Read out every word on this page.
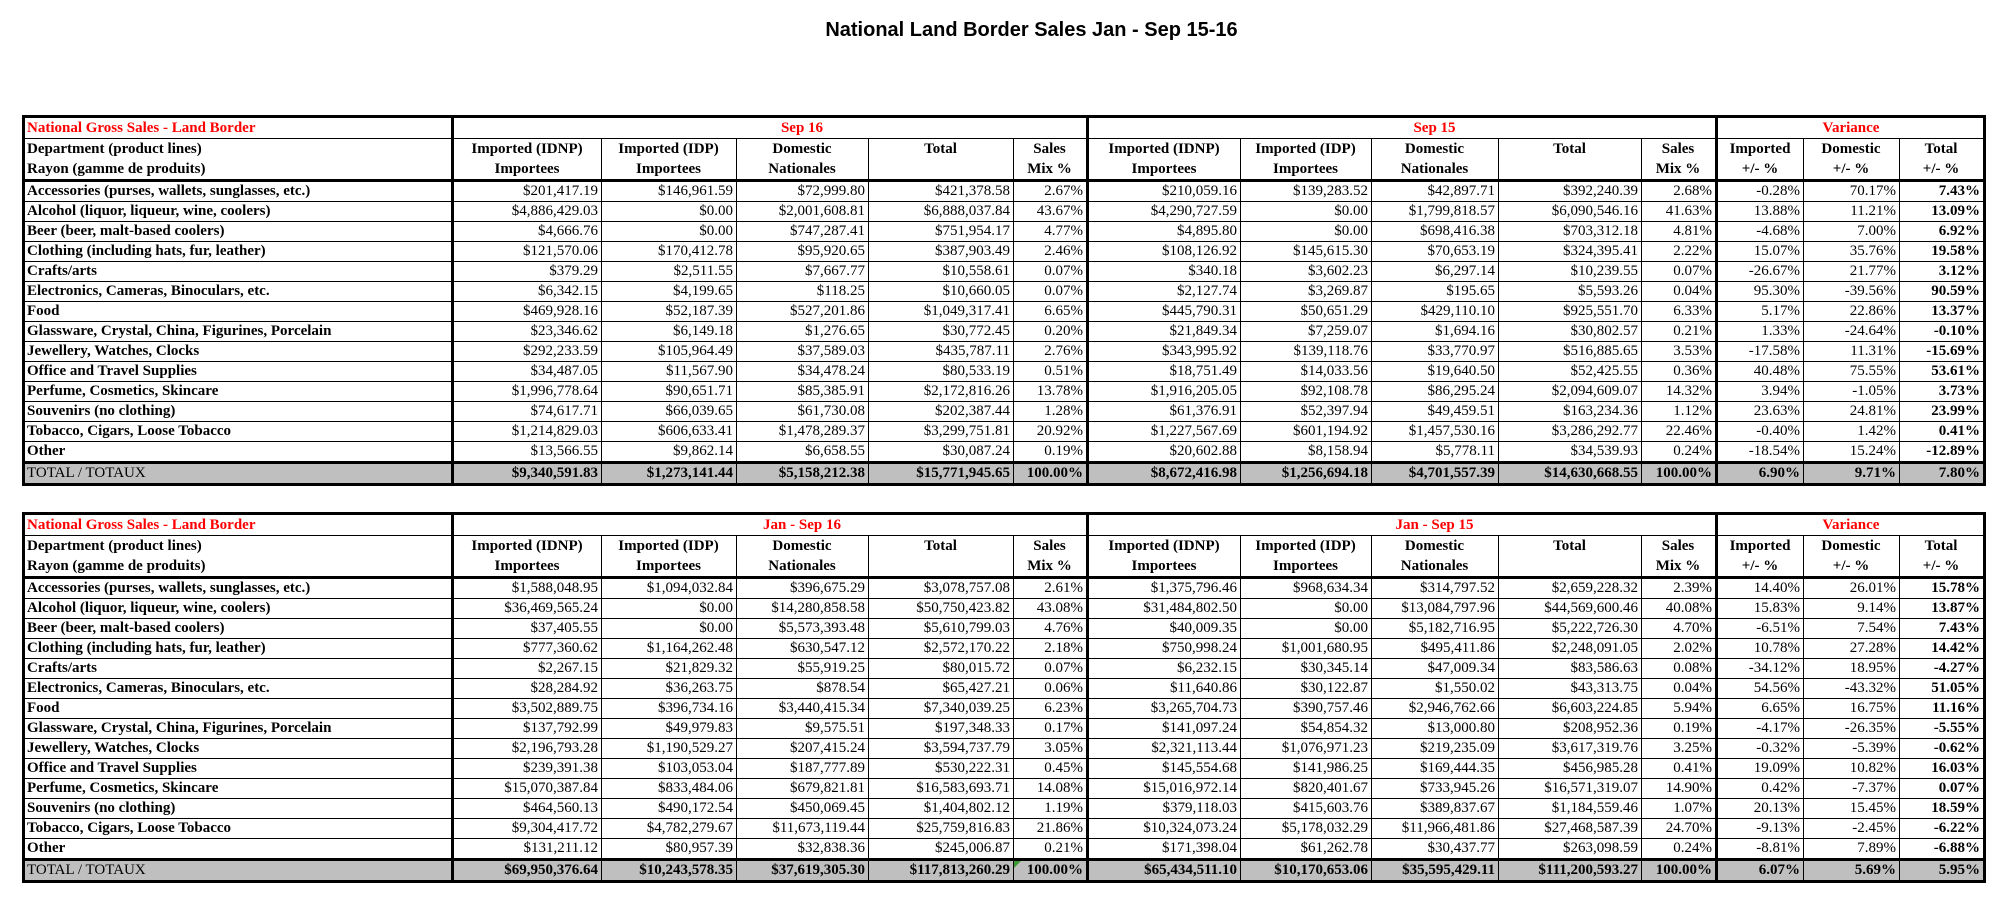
National Land Border Sales Jan - Sep 15-16
National Gross Sales - Land Border			Sep 16					Sep 15				Variance	
Department (product lines)	Imported (IDNP)	Imported (IDP)	Domestic	Total	Sales	Imported (IDNP)	Imported (IDP)	Domestic	Total	Sales	Imported	Domestic	Total
Rayon (gamme de produits)	Importees	Importees	Nationales		Mix %	Importees	Importees	Nationales		Mix %	+/- %	+/- %	+/- %
Accessories (purses, wallets, sunglasses, etc.)	$201,417.19	$146,961.59	$72,999.80	$421,378.58	2.67%	$210,059.16	$139,283.52	$42,897.71	$392,240.39	2.68%	-0.28%	70.17%	7.43%
Alcohol (liquor, liqueur, wine, coolers)	$4,886,429.03	$0.00	$2,001,608.81	$6,888,037.84	43.67%	$4,290,727.59	$0.00	$1,799,818.57	$6,090,546.16	41.63%	13.88%	11.21%	13.09%
Beer (beer, malt-based coolers)	$4,666.76	$0.00	$747,287.41	$751,954.17	4.77%	$4,895.80	$0.00	$698,416.38	$703,312.18	4.81%	-4.68%	7.00%	6.92%
Clothing (including hats, fur, leather)	$121,570.06	$170,412.78	$95,920.65	$387,903.49	2.46%	$108,126.92	$145,615.30	$70,653.19	$324,395.41	2.22%	15.07%	35.76%	19.58%
Crafts/arts	$379.29	$2,511.55	$7,667.77	$10,558.61	0.07%	$340.18	$3,602.23	$6,297.14	$10,239.55	0.07%	-26.67%	21.77%	3.12%
Electronics, Cameras, Binoculars, etc.	$6,342.15	$4,199.65	$118.25	$10,660.05	0.07%	$2,127.74	$3,269.87	$195.65	$5,593.26	0.04%	95.30%	-39.56%	90.59%
Food	$469,928.16	$52,187.39	$527,201.86	$1,049,317.41	6.65%	$445,790.31	$50,651.29	$429,110.10	$925,551.70	6.33%	5.17%	22.86%	13.37%
Glassware, Crystal, China, Figurines, Porcelain	$23,346.62	$6,149.18	$1,276.65	$30,772.45	0.20%	$21,849.34	$7,259.07	$1,694.16	$30,802.57	0.21%	1.33%	-24.64%	-0.10%
Jewellery, Watches, Clocks	$292,233.59	$105,964.49	$37,589.03	$435,787.11	2.76%	$343,995.92	$139,118.76	$33,770.97	$516,885.65	3.53%	-17.58%	11.31%	-15.69%
Office and Travel Supplies	$34,487.05	$11,567.90	$34,478.24	$80,533.19	0.51%	$18,751.49	$14,033.56	$19,640.50	$52,425.55	0.36%	40.48%	75.55%	53.61%
Perfume, Cosmetics, Skincare	$1,996,778.64	$90,651.71	$85,385.91	$2,172,816.26	13.78%	$1,916,205.05	$92,108.78	$86,295.24	$2,094,609.07	14.32%	3.94%	-1.05%	3.73%
Souvenirs (no clothing)	$74,617.71	$66,039.65	$61,730.08	$202,387.44	1.28%	$61,376.91	$52,397.94	$49,459.51	$163,234.36	1.12%	23.63%	24.81%	23.99%
Tobacco, Cigars, Loose Tobacco	$1,214,829.03	$606,633.41	$1,478,289.37	$3,299,751.81	20.92%	$1,227,567.69	$601,194.92	$1,457,530.16	$3,286,292.77	22.46%	-0.40%	1.42%	0.41%
Other	$13,566.55	$9,862.14	$6,658.55	$30,087.24	0.19%	$20,602.88	$8,158.94	$5,778.11	$34,539.93	0.24%	-18.54%	15.24%	-12.89%
TOTAL / TOTAUX	$9,340,591.83	$1,273,141.44	$5,158,212.38	$15,771,945.65	100.00%	$8,672,416.98	$1,256,694.18	$4,701,557.39	$14,630,668.55	100.00%	6.90%	9.71%	7.80%
National Gross Sales - Land Border			Jan - Sep 16					Jan - Sep 15				Variance	
Department (product lines)	Imported (IDNP)	Imported (IDP)	Domestic	Total	Sales	Imported (IDNP)	Imported (IDP)	Domestic	Total	Sales	Imported	Domestic	Total
Rayon (gamme de produits)	Importees	Importees	Nationales		Mix %	Importees	Importees	Nationales		Mix %	+/- %	+/- %	+/- %
Accessories (purses, wallets, sunglasses, etc.)	$1,588,048.95	$1,094,032.84	$396,675.29	$3,078,757.08	2.61%	$1,375,796.46	$968,634.34	$314,797.52	$2,659,228.32	2.39%	14.40%	26.01%	15.78%
Alcohol (liquor, liqueur, wine, coolers)	$36,469,565.24	$0.00	$14,280,858.58	$50,750,423.82	43.08%	$31,484,802.50	$0.00	$13,084,797.96	$44,569,600.46	40.08%	15.83%	9.14%	13.87%
Beer (beer, malt-based coolers)	$37,405.55	$0.00	$5,573,393.48	$5,610,799.03	4.76%	$40,009.35	$0.00	$5,182,716.95	$5,222,726.30	4.70%	-6.51%	7.54%	7.43%
Clothing (including hats, fur, leather)	$777,360.62	$1,164,262.48	$630,547.12	$2,572,170.22	2.18%	$750,998.24	$1,001,680.95	$495,411.86	$2,248,091.05	2.02%	10.78%	27.28%	14.42%
Crafts/arts	$2,267.15	$21,829.32	$55,919.25	$80,015.72	0.07%	$6,232.15	$30,345.14	$47,009.34	$83,586.63	0.08%	-34.12%	18.95%	-4.27%
Electronics, Cameras, Binoculars, etc.	$28,284.92	$36,263.75	$878.54	$65,427.21	0.06%	$11,640.86	$30,122.87	$1,550.02	$43,313.75	0.04%	54.56%	-43.32%	51.05%
Food	$3,502,889.75	$396,734.16	$3,440,415.34	$7,340,039.25	6.23%	$3,265,704.73	$390,757.46	$2,946,762.66	$6,603,224.85	5.94%	6.65%	16.75%	11.16%
Glassware, Crystal, China, Figurines, Porcelain	$137,792.99	$49,979.83	$9,575.51	$197,348.33	0.17%	$141,097.24	$54,854.32	$13,000.80	$208,952.36	0.19%	-4.17%	-26.35%	-5.55%
Jewellery, Watches, Clocks	$2,196,793.28	$1,190,529.27	$207,415.24	$3,594,737.79	3.05%	$2,321,113.44	$1,076,971.23	$219,235.09	$3,617,319.76	3.25%	-0.32%	-5.39%	-0.62%
Office and Travel Supplies	$239,391.38	$103,053.04	$187,777.89	$530,222.31	0.45%	$145,554.68	$141,986.25	$169,444.35	$456,985.28	0.41%	19.09%	10.82%	16.03%
Perfume, Cosmetics, Skincare	$15,070,387.84	$833,484.06	$679,821.81	$16,583,693.71	14.08%	$15,016,972.14	$820,401.67	$733,945.26	$16,571,319.07	14.90%	0.42%	-7.37%	0.07%
Souvenirs (no clothing)	$464,560.13	$490,172.54	$450,069.45	$1,404,802.12	1.19%	$379,118.03	$415,603.76	$389,837.67	$1,184,559.46	1.07%	20.13%	15.45%	18.59%
Tobacco, Cigars, Loose Tobacco	$9,304,417.72	$4,782,279.67	$11,673,119.44	$25,759,816.83	21.86%	$10,324,073.24	$5,178,032.29	$11,966,481.86	$27,468,587.39	24.70%	-9.13%	-2.45%	-6.22%
Other	$131,211.12	$80,957.39	$32,838.36	$245,006.87	0.21%	$171,398.04	$61,262.78	$30,437.77	$263,098.59	0.24%	-8.81%	7.89%	-6.88%
TOTAL / TOTAUX	$69,950,376.64	$10,243,578.35	$37,619,305.30	$117,813,260.29	100.00%	$65,434,511.10	$10,170,653.06	$35,595,429.11	$111,200,593.27	100.00%	6.07%	5.69%	5.95%
